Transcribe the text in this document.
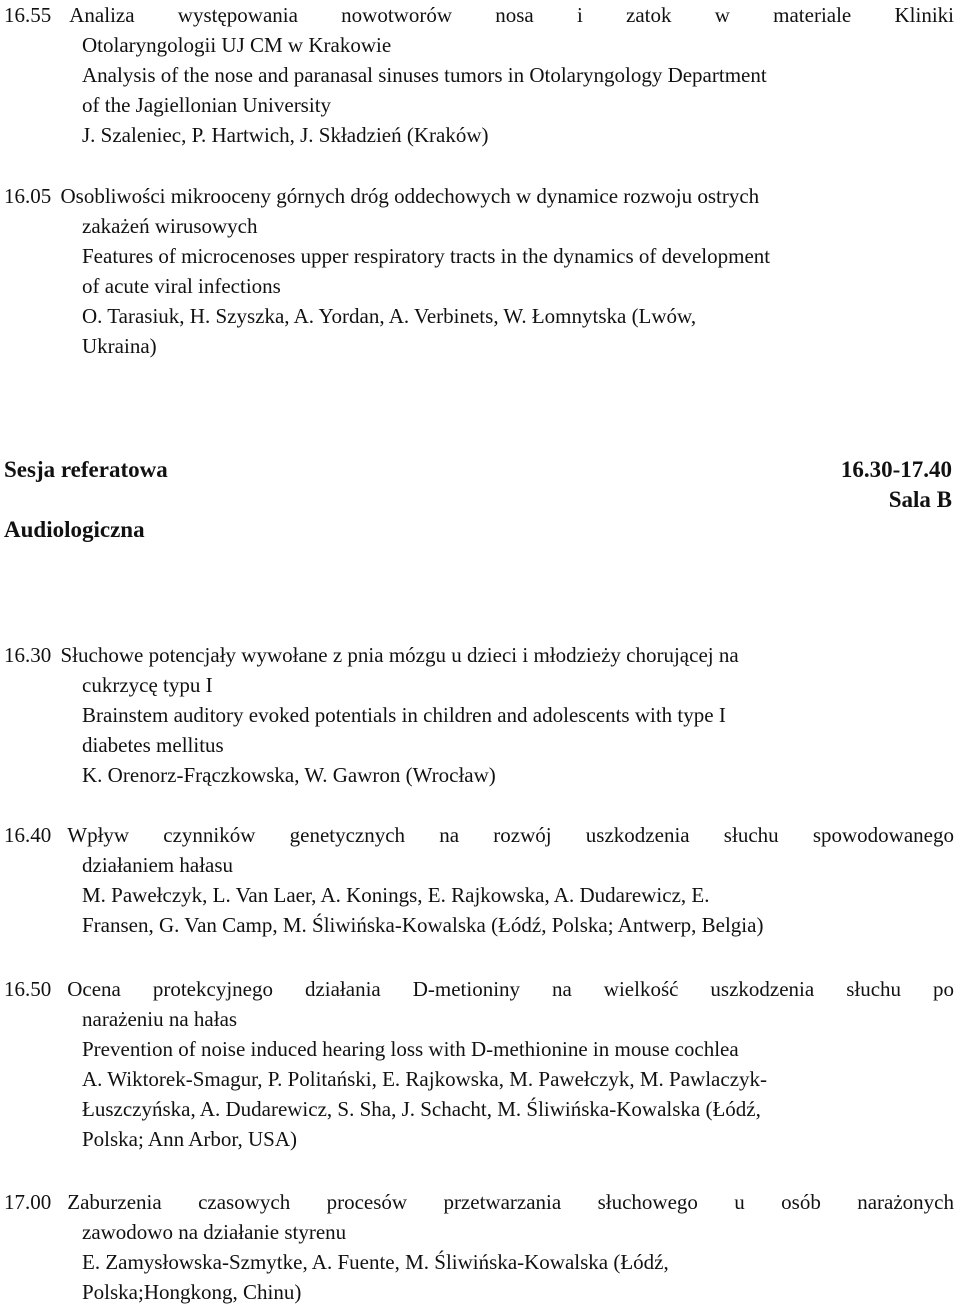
16.55 Analiza występowania nowotworów nosa i zatok w materiale Kliniki
Otolaryngologii UJ CM w Krakowie
Analysis of the nose and paranasal sinuses tumors in Otolaryngology Department
of the Jagiellonian University
J. Szaleniec, P. Hartwich, J. Składzień (Kraków)
16.05 Osobliwości mikrooceny górnych dróg oddechowych w dynamice rozwoju ostrych
zakażeń wirusowych
Features of microcenoses upper respiratory tracts in the dynamics of development
of acute viral infections
O. Tarasiuk, H. Szyszka, A. Yordan, A. Verbinets, W. Łomnytska (Lwów,
Ukraina)
Sesja referatowa	16.30-17.40
Sala B
Audiologiczna
16.30 Słuchowe potencjały wywołane z pnia mózgu u dzieci i młodzieży chorującej na
cukrzycę typu I
Brainstem auditory evoked potentials in children and adolescents with type I
diabetes mellitus
K. Orenorz-Frączkowska, W. Gawron (Wrocław)
16.40 Wpływ czynników genetycznych na rozwój uszkodzenia słuchu spowodowanego
działaniem hałasu
M. Pawełczyk, L. Van Laer, A. Konings, E. Rajkowska, A. Dudarewicz, E.
Fransen, G. Van Camp, M. Śliwińska-Kowalska (Łódź, Polska; Antwerp, Belgia)
16.50 Ocena protekcyjnego działania D-metioniny na wielkość uszkodzenia słuchu po
narażeniu na hałas
Prevention of noise induced hearing loss with D-methionine in mouse cochlea
A. Wiktorek-Smagur, P. Politański, E. Rajkowska, M. Pawełczyk, M. Pawlaczyk-
Łuszczyńska, A. Dudarewicz, S. Sha, J. Schacht, M. Śliwińska-Kowalska (Łódź,
Polska; Ann Arbor, USA)
17.00 Zaburzenia czasowych procesów przetwarzania słuchowego u osób narażonych
zawodowo na działanie styrenu
E. Zamysłowska-Szmytke, A. Fuente, M. Śliwińska-Kowalska (Łódź,
Polska;Hongkong, Chinu)
